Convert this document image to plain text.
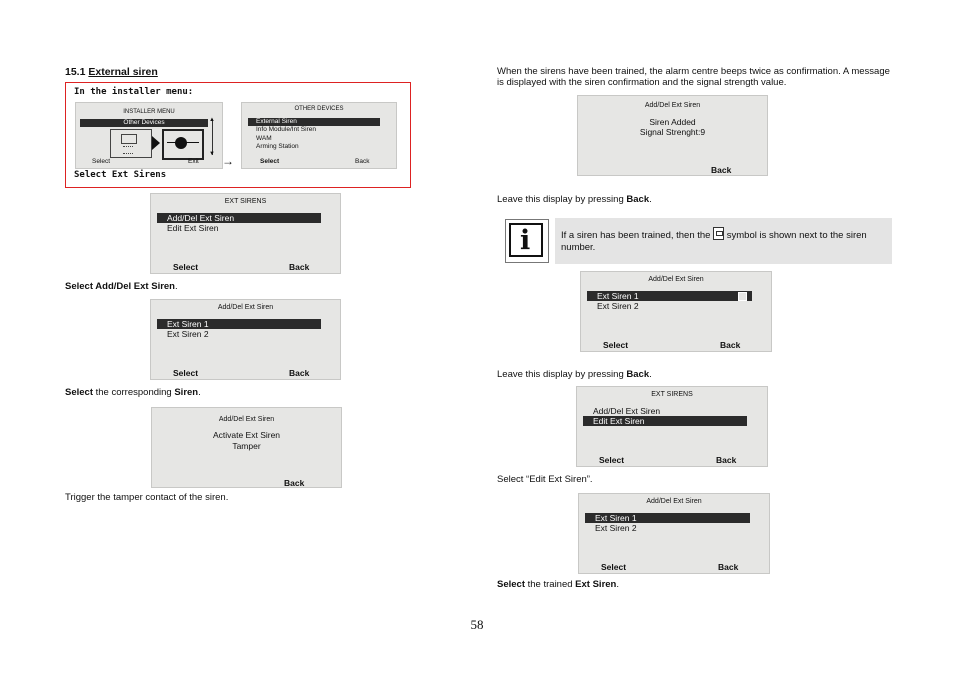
15.1 External siren
In the installer menu:
INSTALLER MENU
Other Devices	▲
▼
Select	Exit →
OTHER DEVICES
External Siren
Info Module/Int Siren
WAM
Arming Station
Select	Back
Select Ext Sirens
EXT SIRENS
Add/Del Ext Siren
Edit Ext Siren
Select	Back
Select Add/Del Ext Siren.
Add/Del Ext Siren
Ext Siren 1
Ext Siren 2
Select	Back
Select the corresponding Siren.
Add/Del Ext Siren
Activate Ext Siren
Tamper
Back
Trigger the tamper contact of the siren.
When the sirens have been trained, the alarm centre beeps twice as confirmation. A message is displayed with the siren confirmation and the signal strength value.
Add/Del Ext Siren
Siren Added
Signal Strenght:9
Back
Leave this display by pressing Back.
i	If a siren has been trained, then the
symbol is shown next to the siren number.
Add/Del Ext Siren
Ext Siren 1
Ext Siren 2
Select	Back
Leave this display by pressing Back.
EXT SIRENS
Add/Del Ext Siren
Edit Ext Siren
Select	Back
Select “Edit Ext Siren”.
Add/Del Ext Siren
Ext Siren 1
Ext Siren 2
Select	Back
Select the trained Ext Siren.
58
